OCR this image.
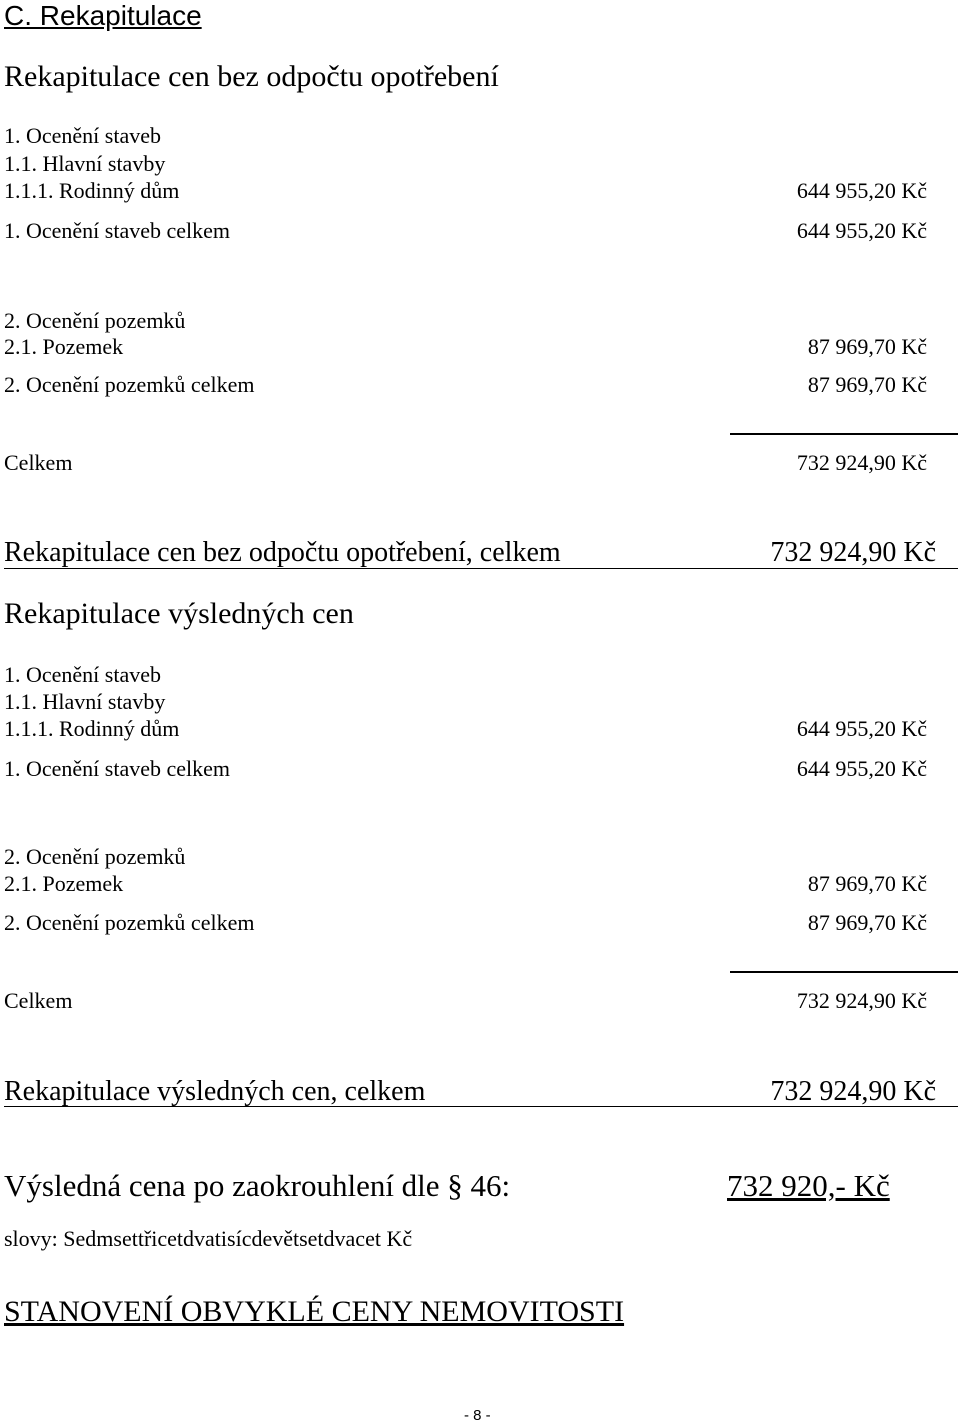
C. Rekapitulace
Rekapitulace cen bez odpočtu opotřebení
1. Ocenění staveb
1.1. Hlavní stavby
1.1.1. Rodinný dům	644 955,20 Kč
1. Ocenění staveb celkem	644 955,20 Kč
2. Ocenění pozemků
2.1. Pozemek	87 969,70 Kč
2. Ocenění pozemků celkem	87 969,70 Kč
Celkem	732 924,90 Kč
Rekapitulace cen bez odpočtu opotřebení, celkem	732 924,90 Kč
Rekapitulace výsledných cen
1. Ocenění staveb
1.1. Hlavní stavby
1.1.1. Rodinný dům	644 955,20 Kč
1. Ocenění staveb celkem	644 955,20 Kč
2. Ocenění pozemků
2.1. Pozemek	87 969,70 Kč
2. Ocenění pozemků celkem	87 969,70 Kč
Celkem	732 924,90 Kč
Rekapitulace výsledných cen, celkem	732 924,90 Kč
Výsledná cena po zaokrouhlení dle § 46:	732 920,- Kč
slovy: Sedmsettřicetdvatisícdevětsetdvacet Kč
STANOVENÍ OBVYKLÉ CENY NEMOVITOSTI
- 8 -
